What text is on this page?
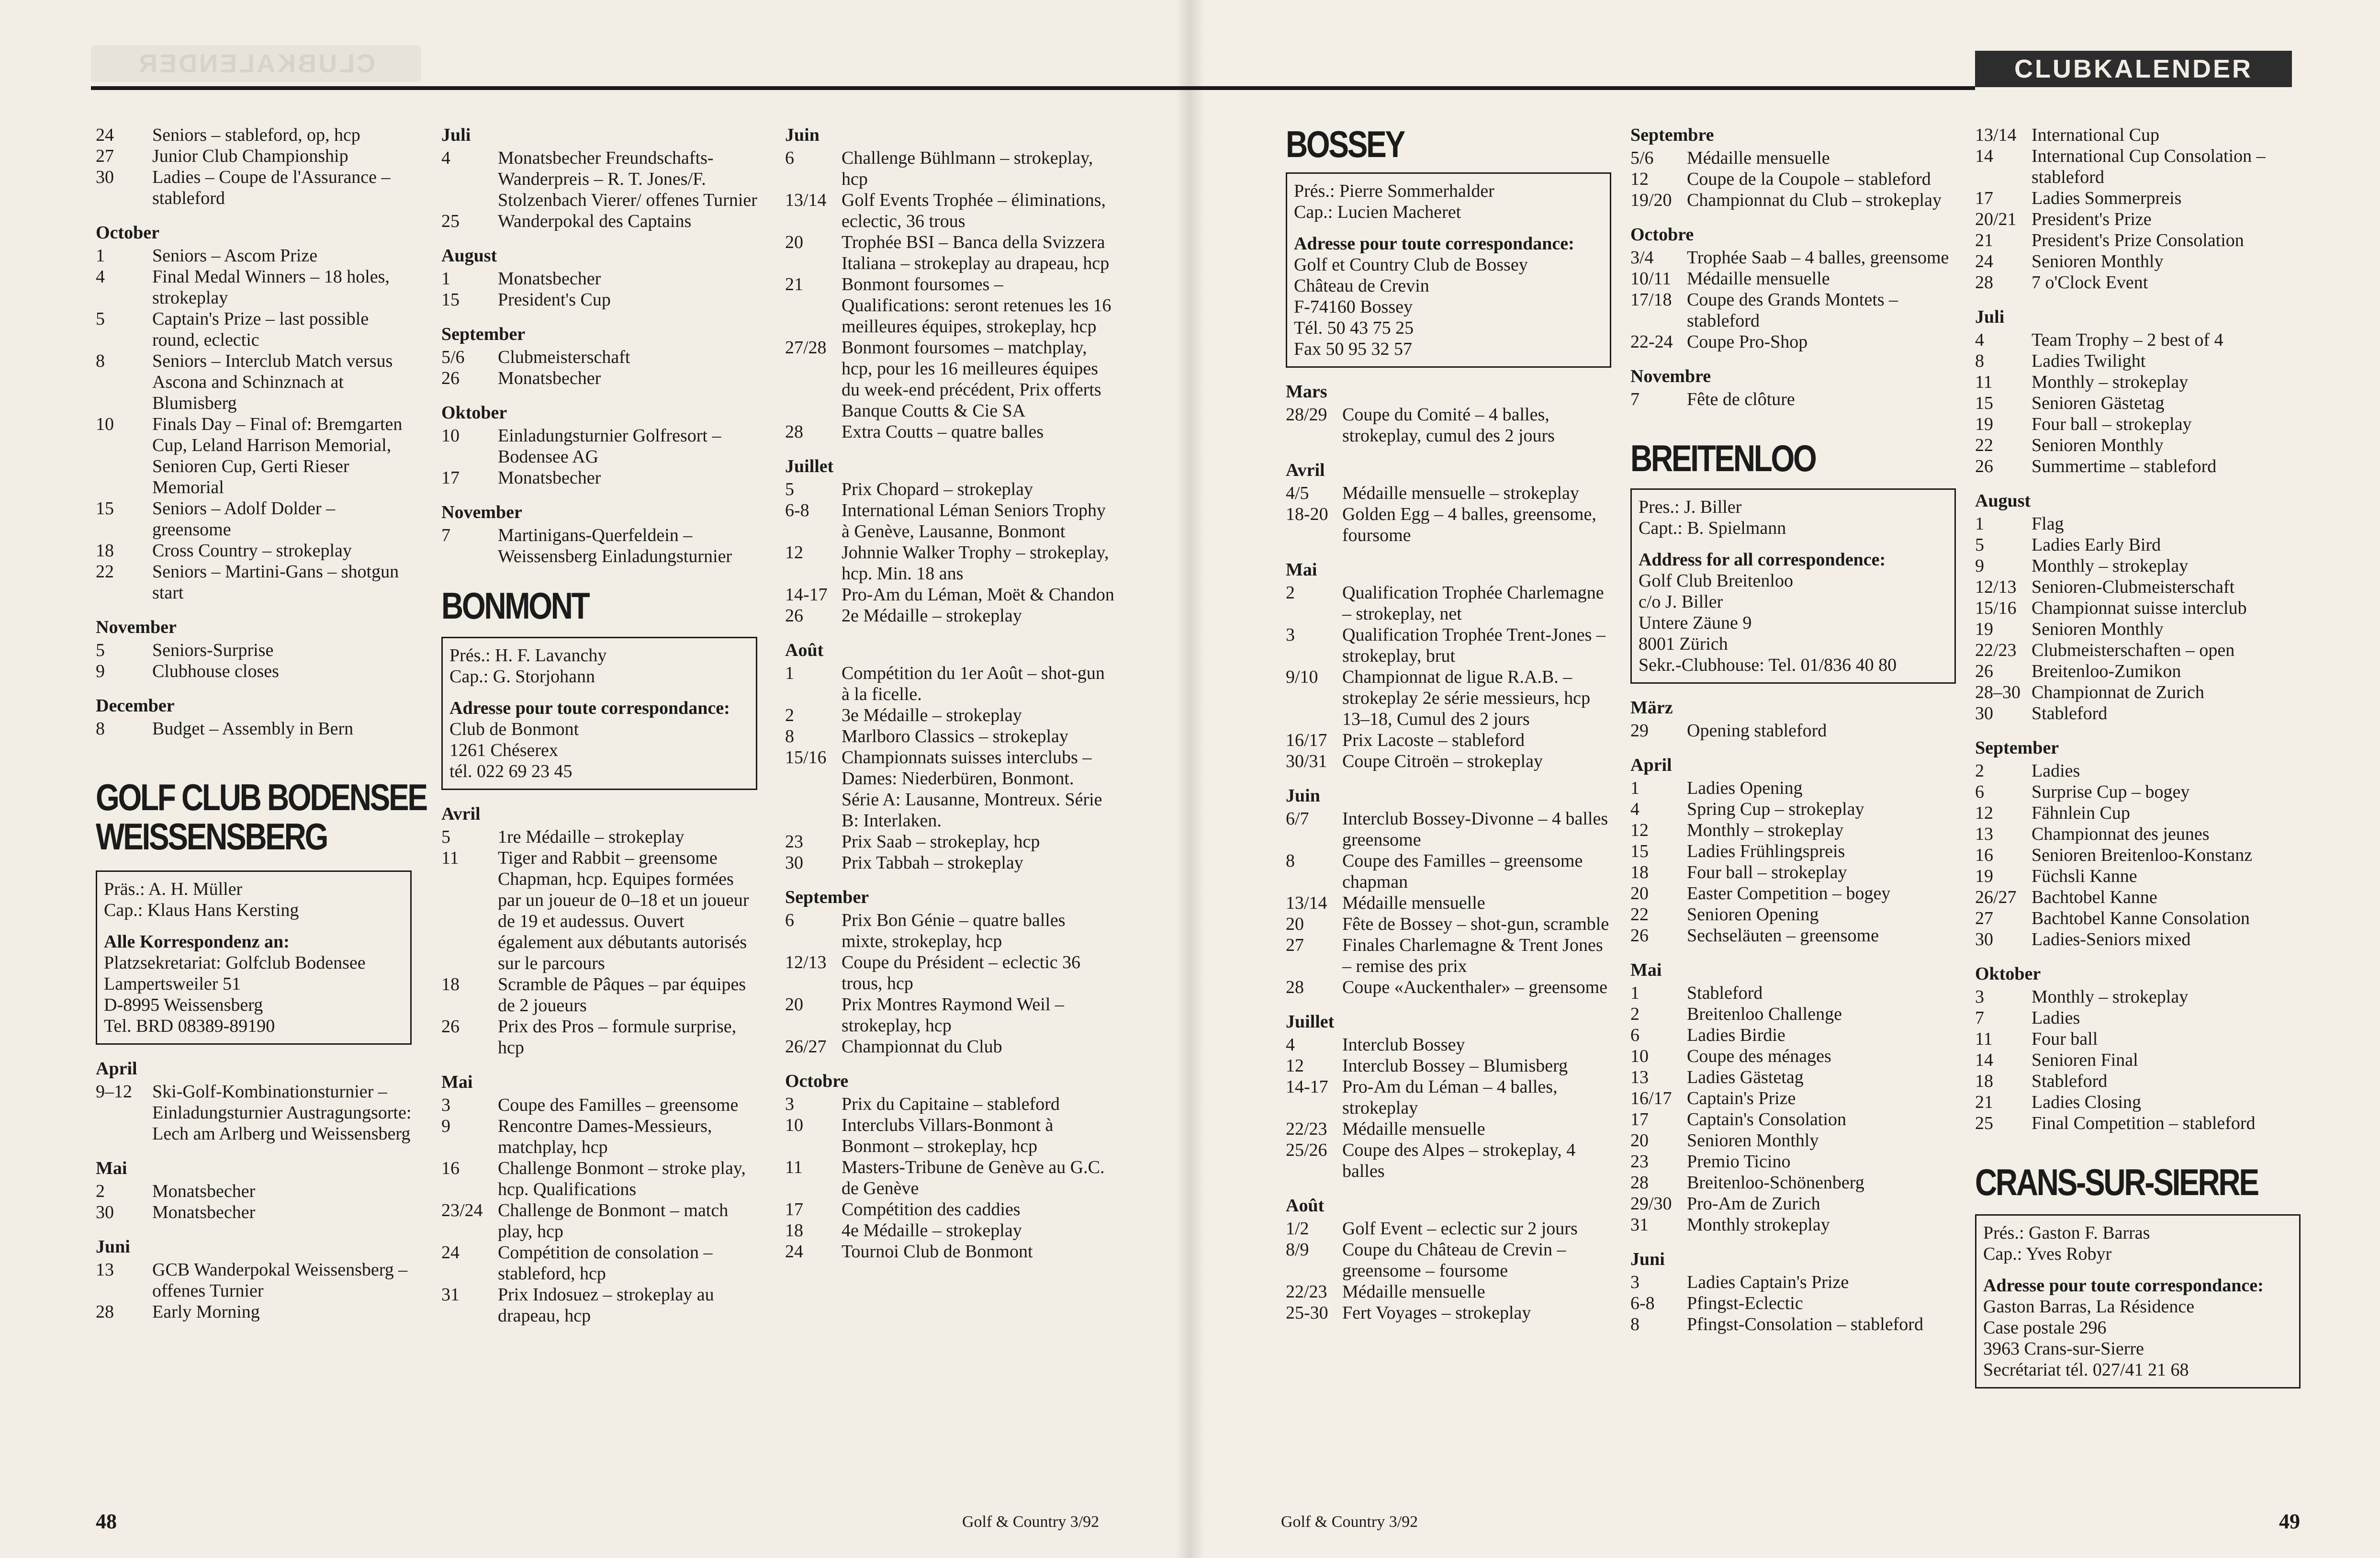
CLUBKALENDER
24	Seniors – stableford, op, hcp
27	Junior Club Championship
30	Ladies – Coupe de l'Assurance – stableford
October
1	Seniors – Ascom Prize
4	Final Medal Winners – 18 holes, strokeplay
5	Captain's Prize – last possible round, eclectic
8	Seniors – Interclub Match versus Ascona and Schinznach at Blumisberg
10	Finals Day – Final of: Bremgarten Cup, Leland Harrison Memorial, Senioren Cup, Gerti Rieser Memorial
15	Seniors – Adolf Dolder – greensome
18	Cross Country – strokeplay
22	Seniors – Martini-Gans – shotgun start
November
5	Seniors-Surprise
9	Clubhouse closes
December
8	Budget – Assembly in Bern
GOLF CLUB BODENSEE
WEISSENSBERG
Präs.: A. H. Müller
Cap.: Klaus Hans Kersting
Alle Korrespondenz an:
Platzsekretariat: Golfclub Bodensee
Lampertsweiler 51
D-8995 Weissensberg
Tel. BRD 08389-89190
April
9–12	Ski-Golf-Kombinationsturnier – Einladungsturnier Austragungsorte: Lech am Arlberg und Weissensberg
Mai
2	Monatsbecher
30	Monatsbecher
Juni
13	GCB Wanderpokal Weissensberg – offenes Turnier
28	Early Morning
Juli
4	Monatsbecher Freundschafts-Wanderpreis – R. T. Jones/F. Stolzenbach Vierer/ offenes Turnier
25	Wanderpokal des Captains
August
1	Monatsbecher
15	President's Cup
September
5/6	Clubmeisterschaft
26	Monatsbecher
Oktober
10	Einladungsturnier Golfresort – Bodensee AG
17	Monatsbecher
November
7	Martinigans-Querfeldein – Weissensberg Einladungsturnier
BONMONT
Prés.: H. F. Lavanchy
Cap.: G. Storjohann
Adresse pour toute correspondance:
Club de Bonmont
1261 Chéserex
tél. 022 69 23 45
Avril
5	1re Médaille – strokeplay
11	Tiger and Rabbit – greensome Chapman, hcp. Equipes formées par un joueur de 0–18 et un joueur de 19 et audessus. Ouvert également aux débutants autorisés sur le parcours
18	Scramble de Pâques – par équipes de 2 joueurs
26	Prix des Pros – formule surprise, hcp
Mai
3	Coupe des Familles – greensome
9	Rencontre Dames-Messieurs, matchplay, hcp
16	Challenge Bonmont – stroke play, hcp. Qualifications
23/24 Challenge de Bonmont – match play, hcp
24	Compétition de consolation – stableford, hcp
31	Prix Indosuez – strokeplay au drapeau, hcp
Juin
6	Challenge Bühlmann – strokeplay, hcp
13/14 Golf Events Trophée – éliminations, eclectic, 36 trous
20	Trophée BSI – Banca della Svizzera Italiana – strokeplay au drapeau, hcp
21	Bonmont foursomes – Qualifications: seront retenues les 16 meilleures équipes, strokeplay, hcp
27/28 Bonmont foursomes – matchplay, hcp, pour les 16 meilleures équipes du week-end précédent, Prix offerts Banque Coutts & Cie SA
28	Extra Coutts – quatre balles
Juillet
5	Prix Chopard – strokeplay
6-8	International Léman Seniors Trophy à Genève, Lausanne, Bonmont
12	Johnnie Walker Trophy – strokeplay, hcp. Min. 18 ans
14-17 Pro-Am du Léman, Moët & Chandon
26	2e Médaille – strokeplay
Août
1	Compétition du 1er Août – shot-gun à la ficelle.
2	3e Médaille – strokeplay
8	Marlboro Classics – strokeplay
15/16 Championnats suisses interclubs – Dames: Niederbüren, Bonmont. Série A: Lausanne, Montreux. Série B: Interlaken.
23	Prix Saab – strokeplay, hcp
30	Prix Tabbah – strokeplay
September
6	Prix Bon Génie – quatre balles mixte, strokeplay, hcp
12/13 Coupe du Président – eclectic 36 trous, hcp
20	Prix Montres Raymond Weil – strokeplay, hcp
26/27 Championnat du Club
Octobre
3	Prix du Capitaine – stableford
10	Interclubs Villars-Bonmont à Bonmont – strokeplay, hcp
11	Masters-Tribune de Genève au G.C. de Genève
17	Compétition des caddies
18	4e Médaille – strokeplay
24	Tournoi Club de Bonmont
48	Golf & Country 3/92
CLUBKALENDER
BOSSEY
Prés.: Pierre Sommerhalder
Cap.: Lucien Macheret
Adresse pour toute correspondance:
Golf et Country Club de Bossey
Château de Crevin
F-74160 Bossey
Tél. 50 43 75 25
Fax 50 95 32 57
Mars
28/29 Coupe du Comité – 4 balles, strokeplay, cumul des 2 jours
Avril
4/5	Médaille mensuelle – strokeplay
18-20 Golden Egg – 4 balles, greensome, foursome
Mai
2	Qualification Trophée Charlemagne – strokeplay, net
3	Qualification Trophée Trent-Jones – strokeplay, brut
9/10	Championnat de ligue R.A.B. – strokeplay 2e série messieurs, hcp 13–18, Cumul des 2 jours
16/17 Prix Lacoste – stableford
30/31 Coupe Citroën – strokeplay
Juin
6/7	Interclub Bossey-Divonne – 4 balles greensome
8	Coupe des Familles – greensome chapman
13/14 Médaille mensuelle
20	Fête de Bossey – shot-gun, scramble
27	Finales Charlemagne & Trent Jones – remise des prix
28	Coupe «Auckenthaler» – greensome
Juillet
4	Interclub Bossey
12	Interclub Bossey – Blumisberg
14-17 Pro-Am du Léman – 4 balles, strokeplay
22/23 Médaille mensuelle
25/26 Coupe des Alpes – strokeplay, 4 balles
Août
1/2	Golf Event – eclectic sur 2 jours
8/9	Coupe du Château de Crevin – greensome – foursome
22/23 Médaille mensuelle
25-30 Fert Voyages – strokeplay
Septembre
5/6	Médaille mensuelle
12	Coupe de la Coupole – stableford
19/20 Championnat du Club – strokeplay
Octobre
3/4	Trophée Saab – 4 balles, greensome
10/11 Médaille mensuelle
17/18 Coupe des Grands Montets – stableford
22-24 Coupe Pro-Shop
Novembre
7	Fête de clôture
BREITENLOO
Pres.: J. Biller
Capt.: B. Spielmann
Address for all correspondence:
Golf Club Breitenloo
c/o J. Biller
Untere Zäune 9
8001 Zürich
Sekr.-Clubhouse: Tel. 01/836 40 80
März
29	Opening stableford
April
1	Ladies Opening
4	Spring Cup – strokeplay
12	Monthly – strokeplay
15	Ladies Frühlingspreis
18	Four ball – strokeplay
20	Easter Competition – bogey
22	Senioren Opening
26	Sechseläuten – greensome
Mai
1	Stableford
2	Breitenloo Challenge
6	Ladies Birdie
10	Coupe des ménages
13	Ladies Gästetag
16/17 Captain's Prize
17	Captain's Consolation
20	Senioren Monthly
23	Premio Ticino
28	Breitenloo-Schönenberg
29/30 Pro-Am de Zurich
31	Monthly strokeplay
Juni
3	Ladies Captain's Prize
6-8	Pfingst-Eclectic
8	Pfingst-Consolation – stableford
13/14 International Cup
14	International Cup Consolation – stableford
17	Ladies Sommerpreis
20/21 President's Prize
21	President's Prize Consolation
24	Senioren Monthly
28	7 o'Clock Event
Juli
4	Team Trophy – 2 best of 4
8	Ladies Twilight
11	Monthly – strokeplay
15	Senioren Gästetag
19	Four ball – strokeplay
22	Senioren Monthly
26	Summertime – stableford
August
1	Flag
5	Ladies Early Bird
9	Monthly – strokeplay
12/13 Senioren-Clubmeisterschaft
15/16 Championnat suisse interclub
19	Senioren Monthly
22/23 Clubmeisterschaften – open
26	Breitenloo-Zumikon
28–30 Championnat de Zurich
30	Stableford
September
2	Ladies
6	Surprise Cup – bogey
12	Fähnlein Cup
13	Championnat des jeunes
16	Senioren Breitenloo-Konstanz
19	Füchsli Kanne
26/27 Bachtobel Kanne
27	Bachtobel Kanne Consolation
30	Ladies-Seniors mixed
Oktober
3	Monthly – strokeplay
7	Ladies
11	Four ball
14	Senioren Final
18	Stableford
21	Ladies Closing
25	Final Competition – stableford
CRANS-SUR-SIERRE
Prés.: Gaston F. Barras
Cap.: Yves Robyr
Adresse pour toute correspondance:
Gaston Barras, La Résidence
Case postale 296
3963 Crans-sur-Sierre
Secrétariat tél. 027/41 21 68
Golf & Country 3/92	49
